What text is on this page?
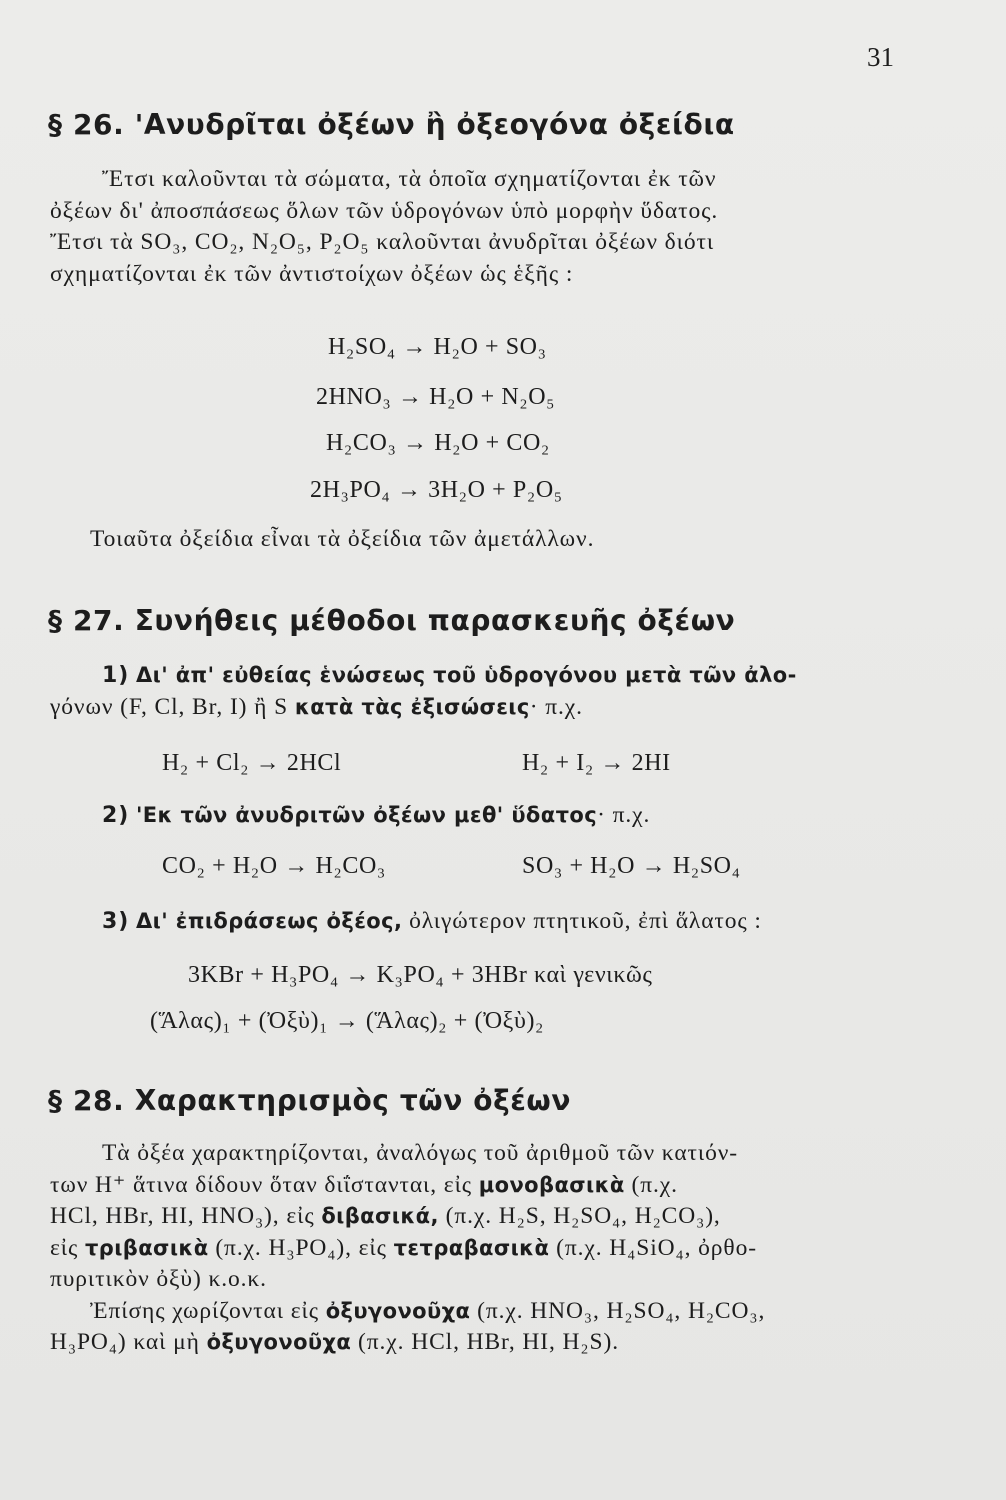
31
§ 26. 'Ανυδρῖται ὀξέων ἢ ὀξεογόνα ὀξείδια
Ἔτσι καλοῦνται τὰ σώματα, τὰ ὁποῖα σχηματίζονται ἐκ τῶν
ὀξέων δι' ἀποσπάσεως ὅλων τῶν ὑδρογόνων ὑπὸ μορφὴν ὕδατος.
Ἔτσι τὰ SO₃, CO₂, N₂O₅, P₂O₅ καλοῦνται ἀνυδρῖται ὀξέων διότι
σχηματίζονται ἐκ τῶν ἀντιστοίχων ὀξέων ὡς ἑξῆς :
H₂SO₄ → H₂O + SO₃
2HNO₃ → H₂O + N₂O₅
H₂CO₃ → H₂O + CO₂
2H₃PO₄ → 3H₂O + P₂O₅
Τοιαῦτα ὀξείδια εἶναι τὰ ὀξείδια τῶν ἀμετάλλων.
§ 27. Συνήθεις μέθοδοι παρασκευῆς ὀξέων
1) Δι' ἀπ' εὐθείας ἑνώσεως τοῦ ὑδρογόνου μετὰ τῶν ἀλο-
γόνων (F, Cl, Br, I) ἢ S κατὰ τὰς ἐξισώσεις· π.χ.
H₂ + Cl₂ → 2HCl	H₂ + I₂ → 2HI
2) 'Εκ τῶν ἀνυδριτῶν ὀξέων μεθ' ὕδατος· π.χ.
CO₂ + H₂O → H₂CO₃	SO₃ + H₂O → H₂SO₄
3) Δι' ἐπιδράσεως ὀξέος, ὀλιγώτερον πτητικοῦ, ἐπὶ ἅλατος :
3KBr + H₃PO₄ → K₃PO₄ + 3HBr καὶ γενικῶς
(Ἅλας)₁ + (Ὀξὺ)₁ → (Ἅλας)₂ + (Ὀξὺ)₂
§ 28. Χαρακτηρισμὸς τῶν ὀξέων
Τὰ ὀξέα χαρακτηρίζονται, ἀναλόγως τοῦ ἀριθμοῦ τῶν κατιόν-
των H⁺ ἅτινα δίδουν ὅταν διΐστανται, εἰς μονοβασικὰ (π.χ.
HCl, HBr, HI, HNO₃), εἰς διβασικά, (π.χ. H₂S, H₂SO₄, H₂CO₃),
εἰς τριβασικὰ (π.χ. H₃PO₄), εἰς τετραβασικὰ (π.χ. H₄SiO₄, ὀρθο-
πυριτικὸν ὀξὺ) κ.ο.κ.
Ἐπίσης χωρίζονται εἰς ὀξυγονοῦχα (π.χ. HNO₃, H₂SO₄, H₂CO₃,
H₃PO₄) καὶ μὴ ὀξυγονοῦχα (π.χ. HCl, HBr, HI, H₂S).
